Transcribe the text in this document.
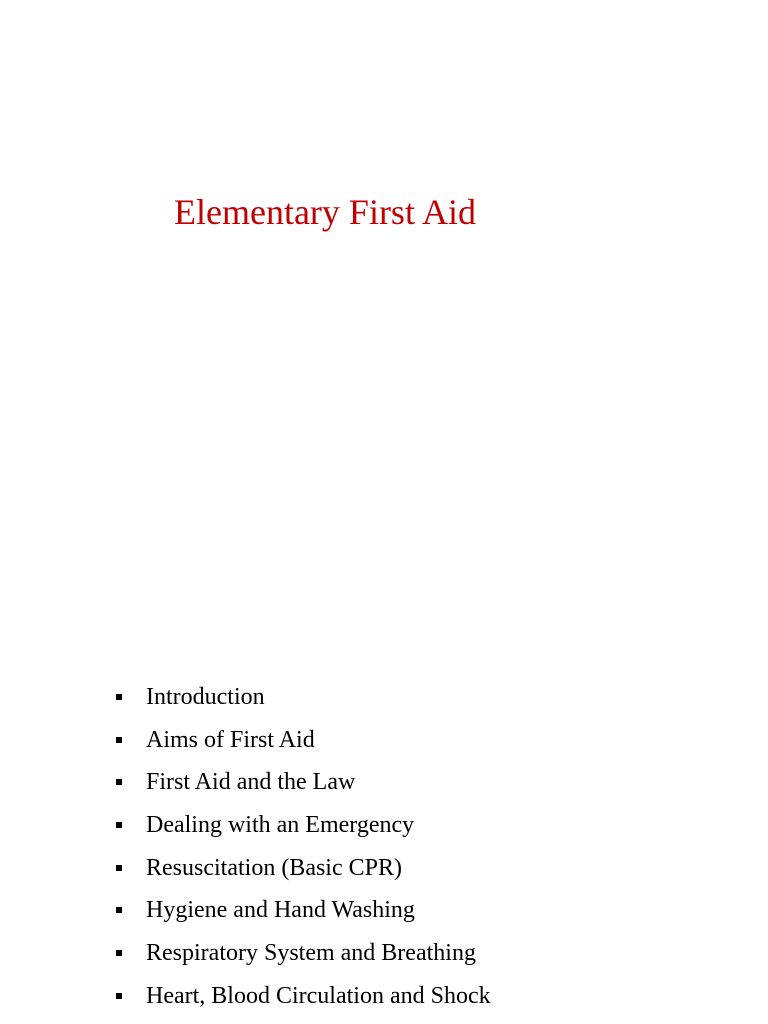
Elementary First Aid
Introduction
Aims of First Aid
First Aid and the Law
Dealing with an Emergency
Resuscitation (Basic CPR)
Hygiene and Hand Washing
Respiratory System and Breathing
Heart, Blood Circulation and Shock
